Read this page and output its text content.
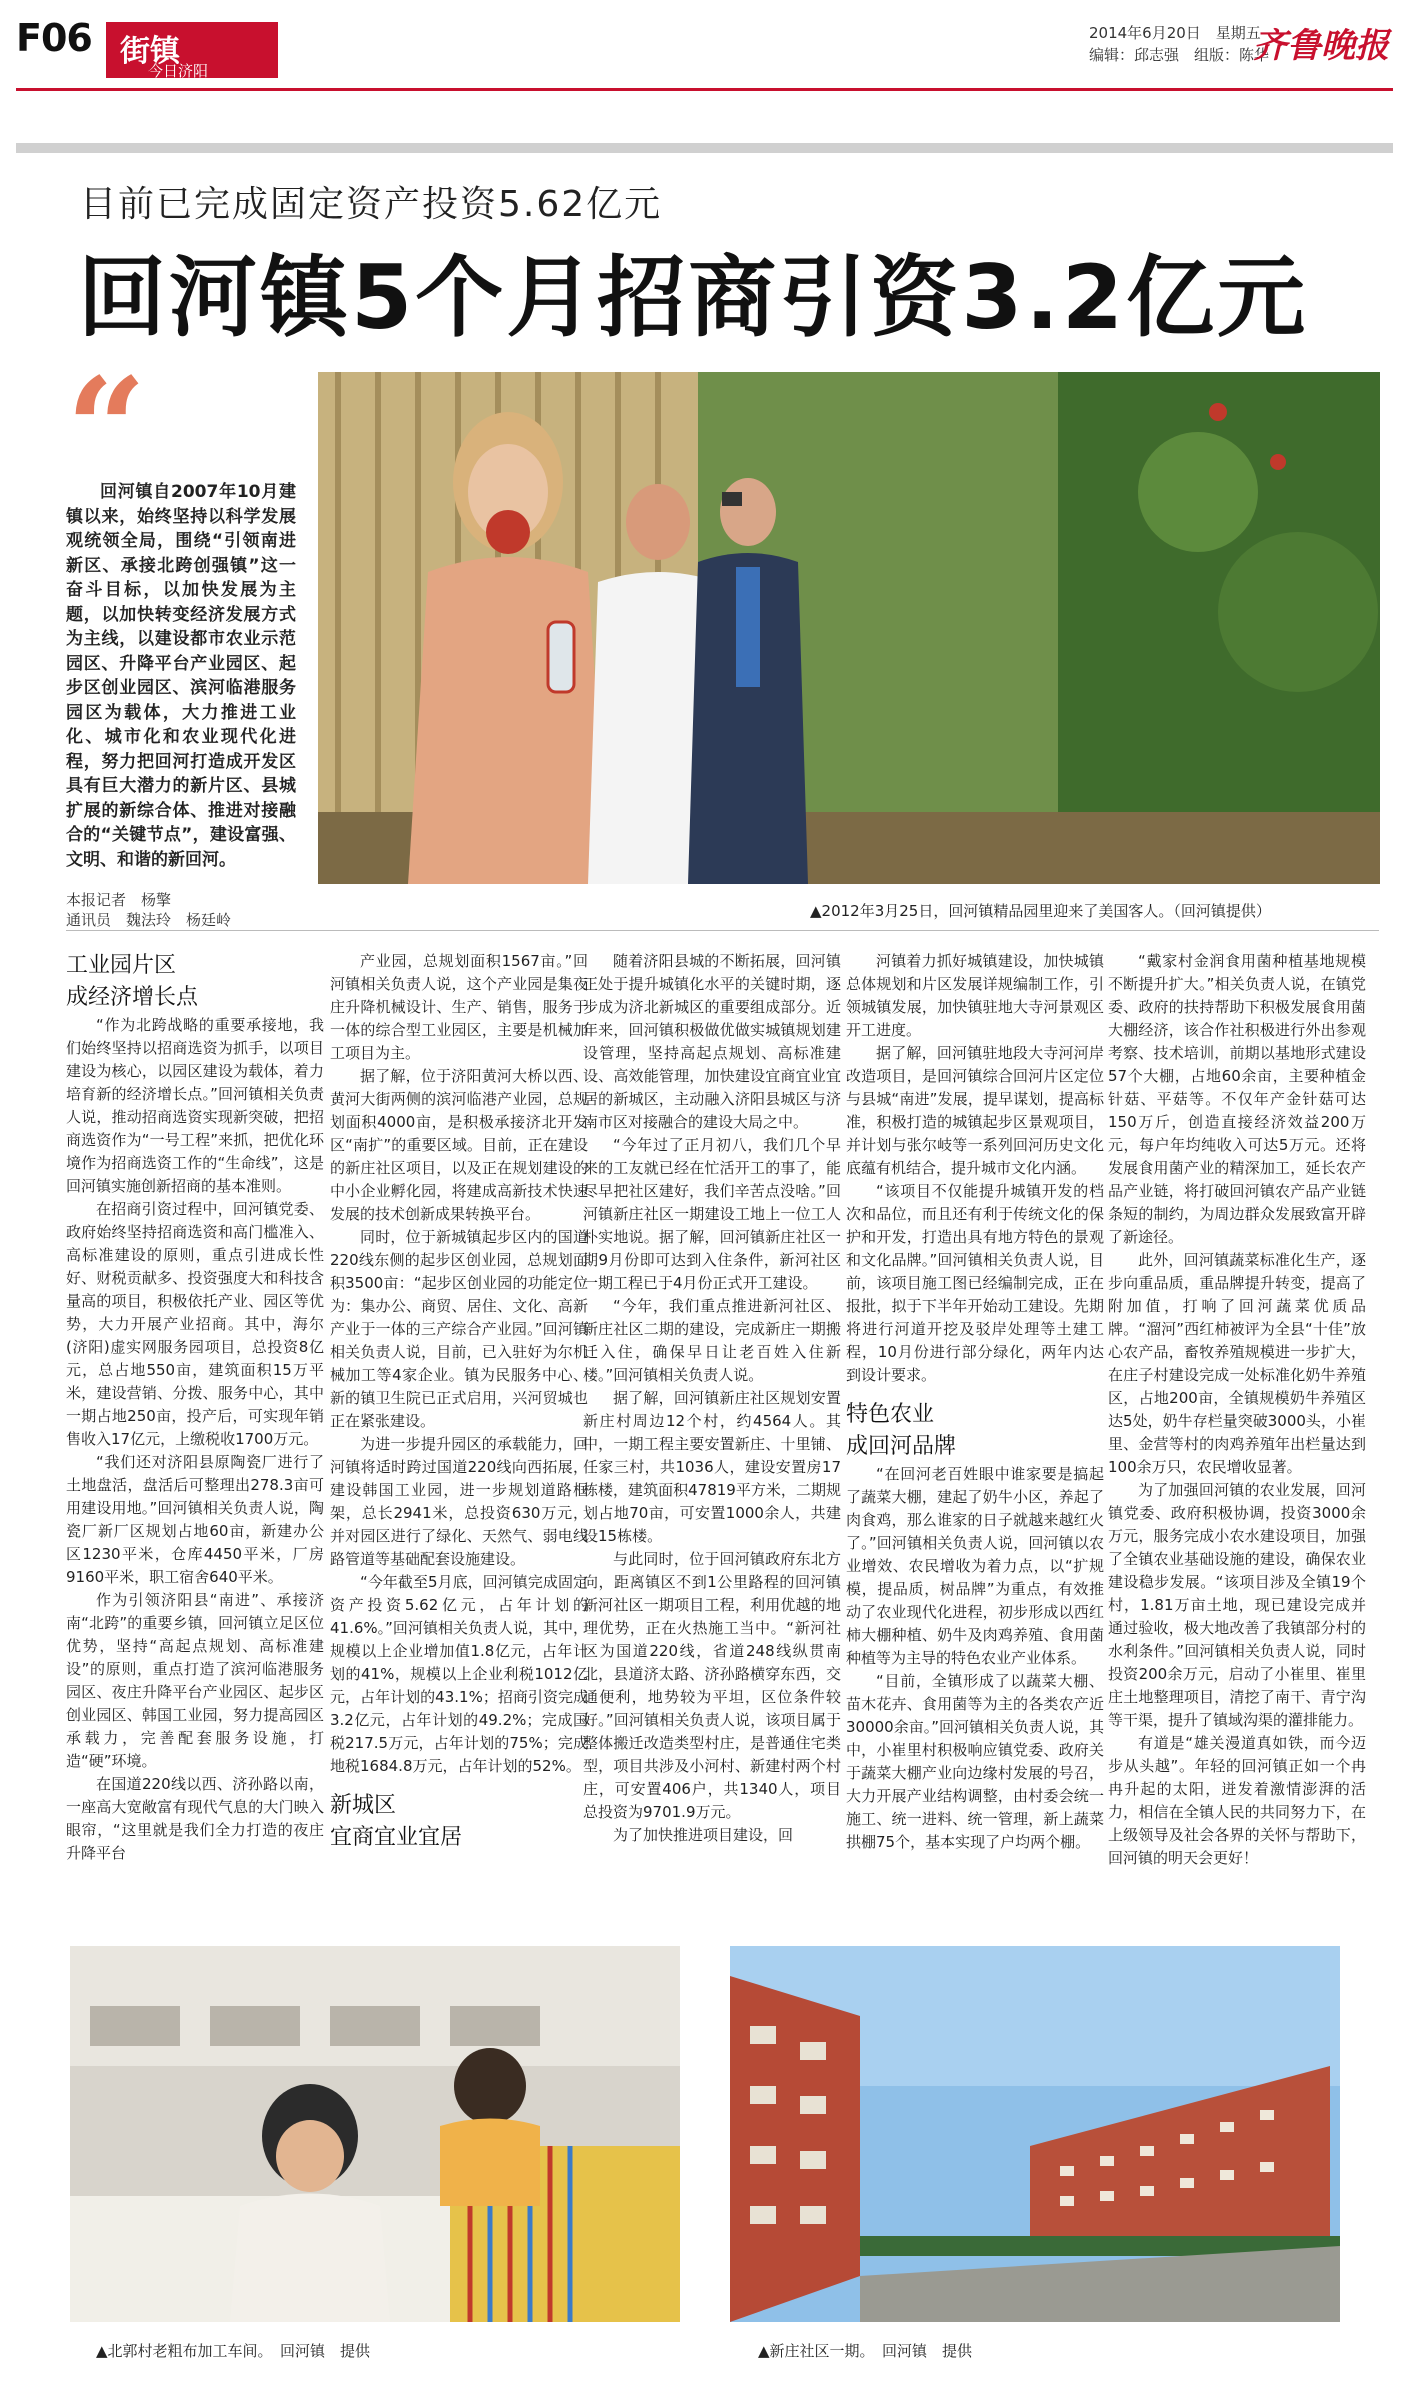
F06 街镇
今日济阳
2014年6月20日　星期五
编辑：邱志强　组版：陈华
齐鲁晚报
目前已完成固定资产投资5.62亿元
回河镇5个月招商引资3.2亿元
“

回河镇自2007年10月建镇以来，始终坚持以科学发展观统领全局，围绕“引领南进新区、承接北跨创强镇”这一奋斗目标，以加快发展为主题，以加快转变经济发展方式为主线，以建设都市农业示范园区、升降平台产业园区、起步区创业园区、滨河临港服务园区为载体，大力推进工业化、城市化和农业现代化进程，努力把回河打造成开发区具有巨大潜力的新片区、县城扩展的新综合体、推进对接融合的“关键节点”，建设富强、文明、和谐的新回河。

本报记者　杨擎
通讯员　魏法玲　杨廷岭	▲2012年3月25日，回河镇精品园里迎来了美国客人。（回河镇提供）
工业园片区
成经济增长点

“作为北跨战略的重要承接地，我们始终坚持以招商选资为抓手，以项目建设为核心，以园区建设为载体，着力培育新的经济增长点。”回河镇相关负责人说，推动招商选资实现新突破，把招商选资作为“一号工程”来抓，把优化环境作为招商选资工作的“生命线”，这是回河镇实施创新招商的基本准则。

在招商引资过程中，回河镇党委、政府始终坚持招商选资和高门槛准入、高标准建设的原则，重点引进成长性好、财税贡献多、投资强度大和科技含量高的项目，积极依托产业、园区等优势，大力开展产业招商。其中，海尔(济阳)虚实网服务园项目，总投资8亿元，总占地550亩，建筑面积15万平米，建设营销、分拨、服务中心，其中一期占地250亩，投产后，可实现年销售收入17亿元，上缴税收1700万元。

“我们还对济阳县原陶瓷厂进行了土地盘活，盘活后可整理出278.3亩可用建设用地。”回河镇相关负责人说，陶瓷厂新厂区规划占地60亩，新建办公区1230平米，仓库4450平米，厂房9160平米，职工宿舍640平米。

作为引领济阳县“南进”、承接济南“北跨”的重要乡镇，回河镇立足区位优势，坚持“高起点规划、高标准建设”的原则，重点打造了滨河临港服务园区、夜庄升降平台产业园区、起步区创业园区、韩国工业园，努力提高园区承载力，完善配套服务设施，打造“硬”环境。

在国道220线以西、济孙路以南，一座高大宽敞富有现代气息的大门映入眼帘，“这里就是我们全力打造的夜庄升降平台

产业园，总规划面积1567亩。”回河镇相关负责人说，这个产业园是集夜庄升降机械设计、生产、销售，服务于一体的综合型工业园区，主要是机械加工项目为主。

据了解，位于济阳黄河大桥以西、黄河大街两侧的滨河临港产业园，总规划面积4000亩，是积极承接济北开发区“南扩”的重要区域。目前，正在建设的新庄社区项目，以及正在规划建设的中小企业孵化园，将建成高新技术快速发展的技术创新成果转换平台。

同时，位于新城镇起步区内的国道220线东侧的起步区创业园，总规划面积3500亩：“起步区创业园的功能定位为：集办公、商贸、居住、文化、高新产业于一体的三产综合产业园。”回河镇相关负责人说，目前，已入驻好为尔机械加工等4家企业。镇为民服务中心、新的镇卫生院已正式启用，兴河贸城也正在紧张建设。

为进一步提升园区的承载能力，回河镇将适时跨过国道220线向西拓展，建设韩国工业园，进一步规划道路框架，总长2941米，总投资630万元，并对园区进行了绿化、天然气、弱电线路管道等基础配套设施建设。

“今年截至5月底，回河镇完成固定资产投资5.62亿元，占年计划的41.6%。”回河镇相关负责人说，其中，规模以上企业增加值1.8亿元，占年计划的41%，规模以上企业利税1012亿元，占年计划的43.1%；招商引资完成3.2亿元，占年计划的49.2%；完成国税217.5万元，占年计划的75%；完成地税1684.8万元，占年计划的52%。

新城区
宜商宜业宜居

随着济阳县城的不断拓展，回河镇正处于提升城镇化水平的关键时期，逐步成为济北新城区的重要组成部分。近年来，回河镇积极做优做实城镇规划建设管理，坚持高起点规划、高标准建设、高效能管理，加快建设宜商宜业宜居的新城区，主动融入济阳县城区与济南市区对接融合的建设大局之中。

“今年过了正月初八，我们几个早来的工友就已经在忙活开工的事了，能尽早把社区建好，我们辛苦点没啥。”回河镇新庄社区一期建设工地上一位工人朴实地说。据了解，回河镇新庄社区一期9月份即可达到入住条件，新河社区一期工程已于4月份正式开工建设。

“今年，我们重点推进新河社区、新庄社区二期的建设，完成新庄一期搬迁入住，确保早日让老百姓入住新楼。”回河镇相关负责人说。

据了解，回河镇新庄社区规划安置新庄村周边12个村，约4564人。其中，一期工程主要安置新庄、十里铺、任家三村，共1036人，建设安置房17栋楼，建筑面积47819平方米，二期规划占地70亩，可安置1000余人，共建设15栋楼。

与此同时，位于回河镇政府东北方向，距离镇区不到1公里路程的回河镇新河社区一期项目工程，利用优越的地理优势，正在火热施工当中。“新河社区为国道220线，省道248线纵贯南北，县道济太路、济孙路横穿东西，交通便利，地势较为平坦，区位条件较好。”回河镇相关负责人说，该项目属于整体搬迁改造类型村庄，是普通住宅类型，项目共涉及小河村、新建村两个村庄，可安置406户，共1340人，项目总投资为9701.9万元。

为了加快推进项目建设，回

河镇着力抓好城镇建设，加快城镇总体规划和片区发展详规编制工作，引领城镇发展，加快镇驻地大寺河景观区开工进度。

据了解，回河镇驻地段大寺河河岸改造项目，是回河镇综合回河片区定位与县城“南进”发展，提早谋划，提高标准，积极打造的城镇起步区景观项目，并计划与张尔岐等一系列回河历史文化底蕴有机结合，提升城市文化内涵。

“该项目不仅能提升城镇开发的档次和品位，而且还有利于传统文化的保护和开发，打造出具有地方特色的景观和文化品牌。”回河镇相关负责人说，目前，该项目施工图已经编制完成，正在报批，拟于下半年开始动工建设。先期将进行河道开挖及驳岸处理等土建工程，10月份进行部分绿化，两年内达到设计要求。

特色农业
成回河品牌

“在回河老百姓眼中谁家要是搞起了蔬菜大棚，建起了奶牛小区，养起了肉食鸡，那么谁家的日子就越来越红火了。”回河镇相关负责人说，回河镇以农业增效、农民增收为着力点，以“扩规模，提品质，树品牌”为重点，有效推动了农业现代化进程，初步形成以西红柿大棚种植、奶牛及肉鸡养殖、食用菌种植等为主导的特色农业产业体系。

“目前，全镇形成了以蔬菜大棚、苗木花卉、食用菌等为主的各类农产近30000余亩。”回河镇相关负责人说，其中，小崔里村积极响应镇党委、政府关于蔬菜大棚产业向边缘村发展的号召，大力开展产业结构调整，由村委会统一施工、统一进料、统一管理，新上蔬菜拱棚75个，基本实现了户均两个棚。

“戴家村金润食用菌种植基地规模不断提升扩大。”相关负责人说，在镇党委、政府的扶持帮助下积极发展食用菌大棚经济，该合作社积极进行外出参观考察、技术培训，前期以基地形式建设57个大棚，占地60余亩，主要种植金针菇、平菇等。不仅年产金针菇可达150万斤，创造直接经济效益200万元，每户年均纯收入可达5万元。还将发展食用菌产业的精深加工，延长农产品产业链，将打破回河镇农产品产业链条短的制约，为周边群众发展致富开辟了新途径。

此外，回河镇蔬菜标准化生产，逐步向重品质，重品牌提升转变，提高了附加值，打响了回河蔬菜优质品牌。“溜河”西红柿被评为全县“十佳”放心农产品，畜牧养殖规模进一步扩大，在庄子村建设完成一处标准化奶牛养殖区，占地200亩，全镇规模奶牛养殖区达5处，奶牛存栏量突破3000头，小崔里、金营等村的肉鸡养殖年出栏量达到100余万只，农民增收显著。

为了加强回河镇的农业发展，回河镇党委、政府积极协调，投资3000余万元，服务完成小农水建设项目，加强了全镇农业基础设施的建设，确保农业建设稳步发展。“该项目涉及全镇19个村，1.81万亩土地，现已建设完成并通过验收，极大地改善了我镇部分村的水利条件。”回河镇相关负责人说，同时投资200余万元，启动了小崔里、崔里庄土地整理项目，清挖了南干、青宁沟等干渠，提升了镇域沟渠的灌排能力。

有道是“雄关漫道真如铁，而今迈步从头越”。年轻的回河镇正如一个冉冉升起的太阳，迸发着激情澎湃的活力，相信在全镇人民的共同努力下，在上级领导及社会各界的关怀与帮助下，回河镇的明天会更好！

▲北郭村老粗布加工车间。　回河镇　提供	▲新庄社区一期。　回河镇　提供
